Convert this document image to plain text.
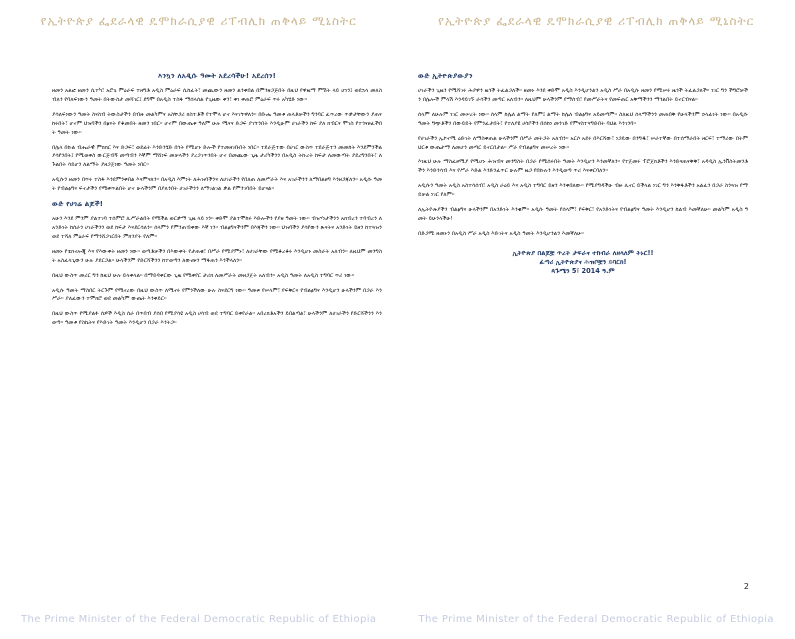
የኢትዮጵያ ፌደራላዊ ዴሞክራሲያዊ ሪፐብሊክ ጠቅላይ ሚኒስትር	የኢትዮጵያ ፌደራላዊ ዴሞክራሲያዊ ሪፐብሊክ ጠቅላይ ሚኒስትር
እንኳን ለአዲሱ ዓመት አደረሳችሁ! አደረሰን!
ዘመን አልፎ ዘመን ሲተካ፣ አሮጌ ምዕራፍ ተዘግቶ አዲስ ምዕራፍ ሲከፈት፣ መጪውን ዘመን ልንቀበል በምንዘጋጅበት በዚህ የዋዜማ ምሽት ላይ ሆነን፤ ወደኋላ መለስ ብለን የባለፍነውን ዓመት በትውስታ መሻገር፤ ደግሞ በአዲስ ተስፋ ማሰላሰል የጊዜው ቀን፣ ቀነ ቀጠሮ ምዕራፍ ጥሩ አካሄድ ነው።
ያሳለፍነውን ዓመት ስናስብ ትውስታችን በብዙ መልካምና አስቸጋሪ ክስተቶች የተሞላ ሆኖ እናገኘዋለን። በቡሔ ዓመቱ ጠላቶቻችን ግንባር ፈጥረው ጥቃታቸውን ያጠናከሩበት፣ ሆኖም ህዝባችን በፅናት የቆመበት ዘመን ነበር። ሆኖም በውጤቱ ዓለም ሁሉ ሚናና ድጋፍ ያገኘንበት እንዲሁም ሀገራችን ከፍ ያለ ክብርና ሞገስ የተጎናፀፈችበት ዓመት ነው።
በሌላ በኩል ብሔራዊ ምክክር እና ድጋፍ፣ ወደፊት እንድንሄድ በጎት የሚሆኑ ድሎች የተመዘገቡበት ነበር። ተደራጅተው በሀገር ውስጥ ተደራጅተን መመከት እንደምንችል ያሳየንበት፤ የሚወቀስ ውርጅብኝ መጣብን እኛም ማሸነፍ መቻላችን ያረጋገጥንበት ሆኖ በመጪው ጊዜ ታሪካችንን በአዲስ ትኩረት ከፍታ ለመውጣት ያደረግንበት፣ ለጉልበት ሳይሆን ለልማት ያዘጋጀነው ዓመት ነበር።
አዲሱን ዘመን በጥሩ ተስፋ እንደምንቀበል እናምናለን። በአዲስ እምነት ለሕዝባችንና ለሀገራችን የበለጠ ለመሥራት እና አገራችንን ለማበልፀግ እንዘጋጃለን። አዲሱ ዓመት የብልፅግና ፍኖታችን የሚቀጥልበት ሆኖ ሁላችንም በያለንበት ሀገራችንን ለማገልገል ቃል የምንገባበት ይሆናል።
ውድ የሀገሬ ልጆች!
አሁን እንደ ምንም ያልተገባ ተሰምሮ ሊሥራልበት የሚችል ወርቃማ ጊዜ ላይ ነን። ቀድሞ ያልተሞከሩ እድሎችን የያዘ ዓመት ነው። ብዝሃነታችንን አክብረን ተባብረን ለአንድነት ከሰራን ሀገራችንን ወደ ከፍታ እናደርሳለን። ሰላምን የምንጠብቀው እኛ ነን። ብልፅግናችንም በእጃችን ነው። ህዝባችን ያሳየውን ጽናትና አንድነት ይዘን ከተጓዝን ወደ ተሻለ ምዕራፍ የማንሸጋገርበት ምክንያት የለም።
ዘመኑ የቴክኖሎጂ እና የእውቀት ዘመን ነው። ወጣቶቻችን በእውቀት የታጠቁ፣ በሥራ የሚያምኑ፣ ለሀገራቸው የሚቆረቆሩ እንዲሆኑ መስራት አለብን። ለዚህም መንግስት አስፈላጊውን ሁሉ ያደርጋል። ሁላችንም የድርሻችንን ከተወጣን ለውጡን ማፋጠን እንችላለን።
በዚህ ውስጥ መሪር ግን ከዚህ ሁሉ ይላቀላል። በማይዳቀርው ጊዜ የሚቀየር ታሪክ ለመሥራት መዘጋጀት አለብን። አዲስ ዓመት ለአዲስ ተግባር ጥሪ ነው።
አዲሱ ዓመት ማስበር ትርጉም የሚኖረው በዚህ ውስጥ ለሚኖሩ የምንችለው ሁሉ ስናደርግ ነው። ዓመቱ የሠላም፣ የፍቅርና የብልፅግና እንዲሆን ሁላችንም በጋራ እንሥራ። ያለፈውን ተሞክሮ ወደ መልካም ውጤት እንቀይር።
በዚህ ውስጥ የሚያልፉ ሰዎች እዲስ ሰራ በጥበብ ያሰበ የሚያሳዩ አዲስ ሀሳብ ወደ ተግባር ይቀየራል። አበረክቶአችን ይበልጣል፣ ሁላችንም ለሀገራችን የድርሻችንን እንወጣ። ዓመቱ የስኬትና የእድገት ዓመት እንዲሆን በጋራ እንትጋ።
ውድ ኢትዮጵያውያን
ሀገራችን ጊዜን የሚሻገሩ ሕያዋን ዜጎች ትፈልጋለች። ዘመኑ እንደ ቀድሞ አዲስ እንዲሆንልን አዲስ ሥራ በአዲሱ ዘመን የሚሠሩ ዜጎች ትፈልጋለች። ነገር ግን ችግሮቻችን በሌሎች ምላሽ እንዳይገኙ ራሳችን መጣር አለብን። ለዚህም ሁላችንም የማሰብ፣ የመሥራትና የመፍጠር አቅማችንን ማጎልበት ይኖርብናል።
ሰላም ለሁሉም ነገር መሠረት ነው። ሰላም ከሌለ ልማት የለም፤ ልማት ከሌለ ብልፅግና አይመጣም። ስለዚህ ሰላማችንን መጠበቅ የሁላችንም ኃላፊነት ነው። በአዲሱ ዓመት ግጭቶችን በውይይት የምንፈታበት፣ የተለያዩ ሀሳቦችን በሰከነ መንገድ የምናስተናግድበት ባህል እንገንባ።
የሀገራችን ኢኮኖሚ ዕድገት ለማስቀጠል ሁላችንም በሥራ መትጋት አለብን። አርሶ አደሩ በእርሻው፣ ነጋዴው በንግዱ፣ ሠራተኛው በተሰማራበት ዘርፍ፣ ተማሪው በትምህርቱ ውጤታማ ለመሆን መጣር ይኖርበታል። ሥራ የብልፅግና መሠረት ነው።
እነዚህ ሁሉ ማስፈፀሚያ የሚሆኑ ሕዝብና መንግስት በጋራ የሚሰሩበት ዓመት እንዲሆን እንመኛለን። የተጀመሩ ፕሮጀክቶችን እንድናጠናቅቅ፣ አዳዲስ ኢንቨስትመንቶችን እንድንሳብ እና የሥራ እድል እንድንፈጥር ሁሉም ዜጋ የበኩሉን እንዲወጣ ጥሪ እናቀርባለን።
አዲሱን ዓመት አዲስ አስተሳሰብ፣ አዲስ ራዕይ እና አዲስ ተግባር ይዘን እንቀበለው። የሚያግዳችሁ ብዙ ሊኖር ይችላል ነገር ግን እንቅፋቶችን አልፈን በጋራ ስንጓዝ የማይቻል ነገር የለም።
ለኢትዮጵያችን ብልፅግና ሁላችንም በአንድነት እንቁም። አዲሱ ዓመት የሰላም፣ የፍቅር፣ የአንድነትና የብልፅግና ዓመት እንዲሆን ከልብ እመኛለሁ። መልካም አዲስ ዓመት ይሁንላችሁ!
በድጋሚ ዘመኑን በአዲስ ሥራ አዲስ እድገትና አዲስ ዓመት እንዲሆንልን እመኛለሁ።
ኢትዮጵያ በልጆቿ ጥረት ታፍራና ተከብራ ለዘላለም ትኑር!!
ፈጣሪ ኢትዮጵያና ሕዝቦቿን ይባርክ!
ጳጉሜን 5፣ 2014 ዓ.ም
2
The Prime Minister of the Federal Democratic Republic of Ethiopia	The Prime Minister of the Federal Democratic Republic of Ethiopia
